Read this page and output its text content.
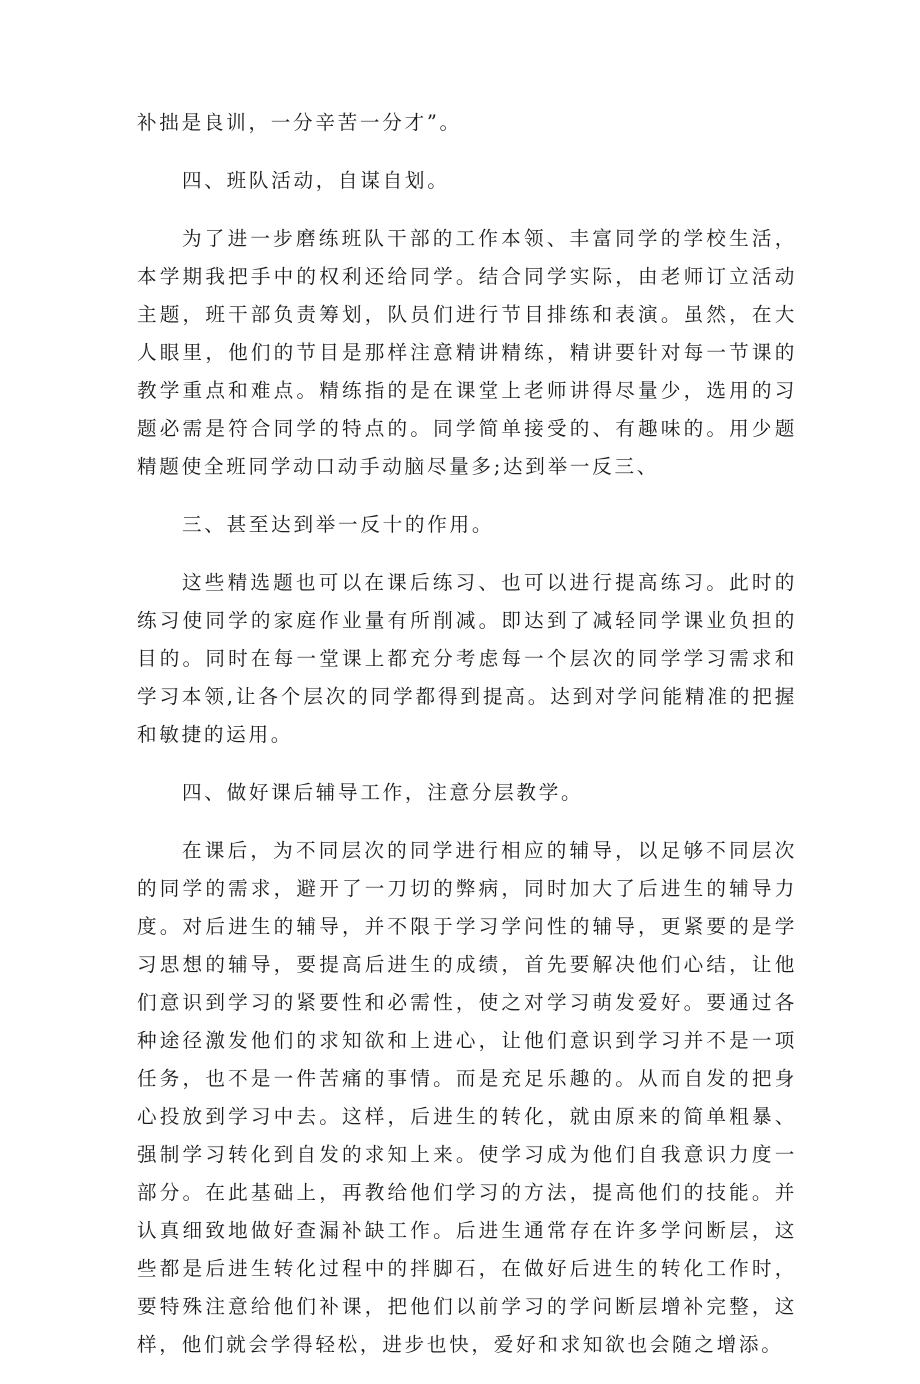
补拙是良训，一分辛苦一分才”。

四、班队活动，自谋自划。

为了进一步磨练班队干部的工作本领、丰富同学的学校生活，本学期我把手中的权利还给同学。结合同学实际，由老师订立活动主题，班干部负责筹划，队员们进行节目排练和表演。虽然，在大人眼里，他们的节目是那样注意精讲精练，精讲要针对每一节课的教学重点和难点。精练指的是在课堂上老师讲得尽量少，选用的习题必需是符合同学的特点的。同学简单接受的、有趣味的。用少题精题使全班同学动口动手动脑尽量多;达到举一反三、

三、甚至达到举一反十的作用。

这些精选题也可以在课后练习、也可以进行提高练习。此时的练习使同学的家庭作业量有所削减。即达到了减轻同学课业负担的目的。同时在每一堂课上都充分考虑每一个层次的同学学习需求和学习本领,让各个层次的同学都得到提高。达到对学问能精准的把握和敏捷的运用。

四、做好课后辅导工作，注意分层教学。

在课后，为不同层次的同学进行相应的辅导，以足够不同层次的同学的需求，避开了一刀切的弊病，同时加大了后进生的辅导力度。对后进生的辅导，并不限于学习学问性的辅导，更紧要的是学习思想的辅导，要提高后进生的成绩，首先要解决他们心结，让他们意识到学习的紧要性和必需性，使之对学习萌发爱好。要通过各种途径激发他们的求知欲和上进心，让他们意识到学习并不是一项任务，也不是一件苦痛的事情。而是充足乐趣的。从而自发的把身心投放到学习中去。这样，后进生的转化，就由原来的简单粗暴、强制学习转化到自发的求知上来。使学习成为他们自我意识力度一部分。在此基础上，再教给他们学习的方法，提高他们的技能。并认真细致地做好查漏补缺工作。后进生通常存在许多学问断层，这些都是后进生转化过程中的拌脚石，在做好后进生的转化工作时，要特殊注意给他们补课，把他们以前学习的学问断层增补完整，这样，他们就会学得轻松，进步也快，爱好和求知欲也会随之增添。
